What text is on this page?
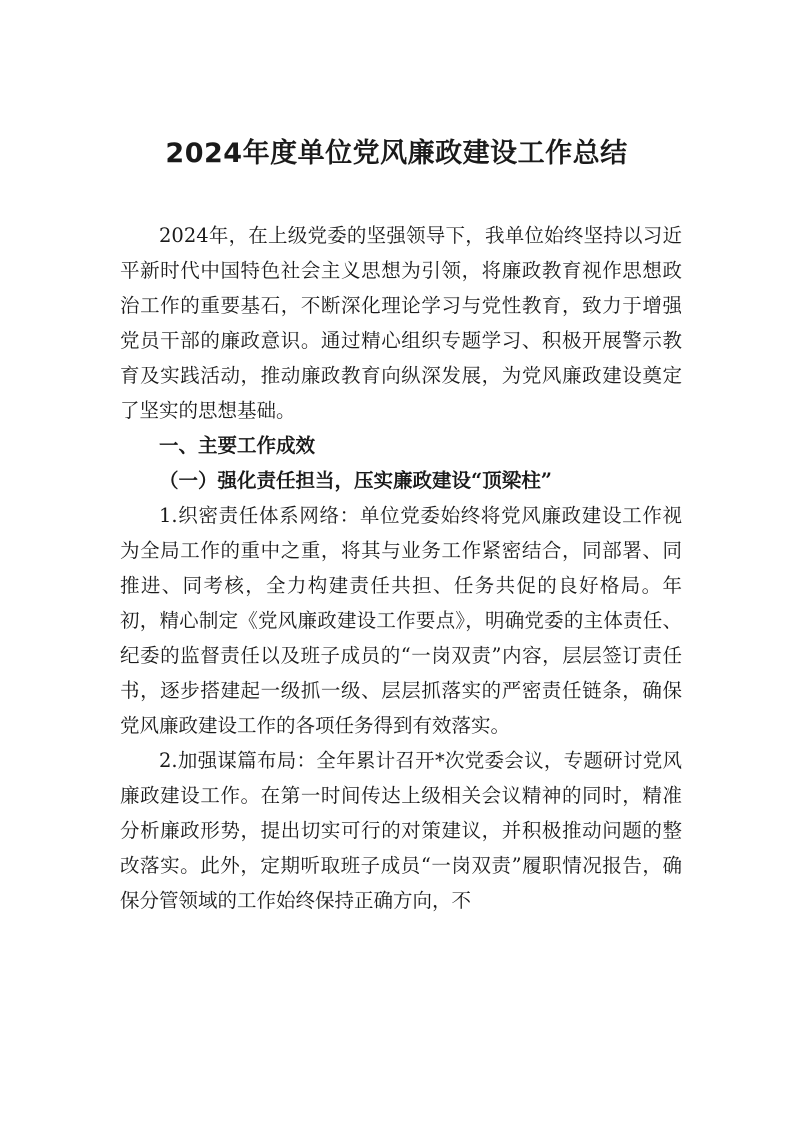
2024年度单位党风廉政建设工作总结

2024年，在上级党委的坚强领导下，我单位始终坚持以习近平新时代中国特色社会主义思想为引领，将廉政教育视作思想政治工作的重要基石，不断深化理论学习与党性教育，致力于增强党员干部的廉政意识。通过精心组织专题学习、积极开展警示教育及实践活动，推动廉政教育向纵深发展，为党风廉政建设奠定了坚实的思想基础。

一、主要工作成效

（一）强化责任担当，压实廉政建设“顶梁柱”

1.织密责任体系网络：单位党委始终将党风廉政建设工作视为全局工作的重中之重，将其与业务工作紧密结合，同部署、同推进、同考核，全力构建责任共担、任务共促的良好格局。年初，精心制定《党风廉政建设工作要点》，明确党委的主体责任、纪委的监督责任以及班子成员的“一岗双责”内容，层层签订责任书，逐步搭建起一级抓一级、层层抓落实的严密责任链条，确保党风廉政建设工作的各项任务得到有效落实。

2.加强谋篇布局：全年累计召开*次党委会议，专题研讨党风廉政建设工作。在第一时间传达上级相关会议精神的同时，精准分析廉政形势，提出切实可行的对策建议，并积极推动问题的整改落实。此外，定期听取班子成员“一岗双责”履职情况报告，确保分管领域的工作始终保持正确方向，不
